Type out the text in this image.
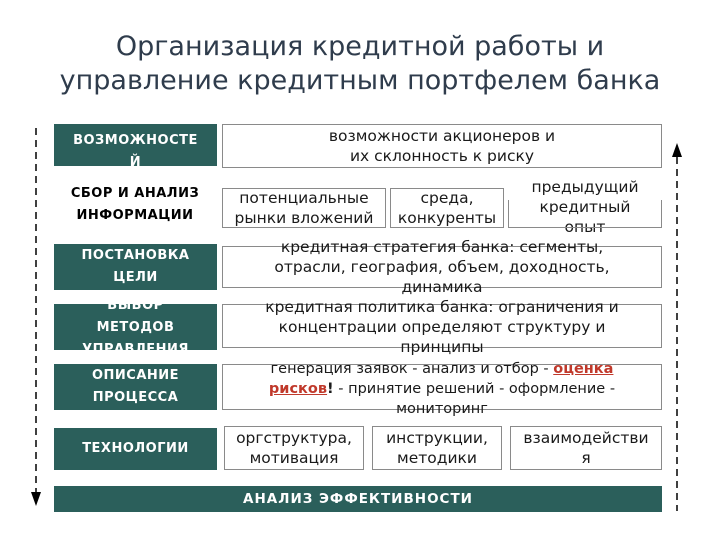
Организация кредитной работы и
управление кредитным портфелем банка
АНАЛИЗ
ВОЗМОЖНОСТЕ
Й
возможности акционеров и
их склонность к риску
СБОР И АНАЛИЗ
ИНФОРМАЦИИ
потенциальные
рынки вложений
среда,
конкуренты
предыдущий
кредитный
опыт
ПОСТАНОВКА
ЦЕЛИ
кредитная стратегия банка: сегменты,
отрасли, география, объем, доходность,
динамика
ВЫБОР
МЕТОДОВ
УПРАВЛЕНИЯ
кредитная политика банка: ограничения и
концентрации определяют структуру и
принципы
ОПИСАНИЕ
ПРОЦЕССА
генерация заявок - анализ и отбор - оценка
рисков! - принятие решений - оформление -
мониторинг
ТЕХНОЛОГИИ
оргструктура,
мотивация
инструкции,
методики
взаимодействи
я
АНАЛИЗ ЭФФЕКТИВНОСТИ
